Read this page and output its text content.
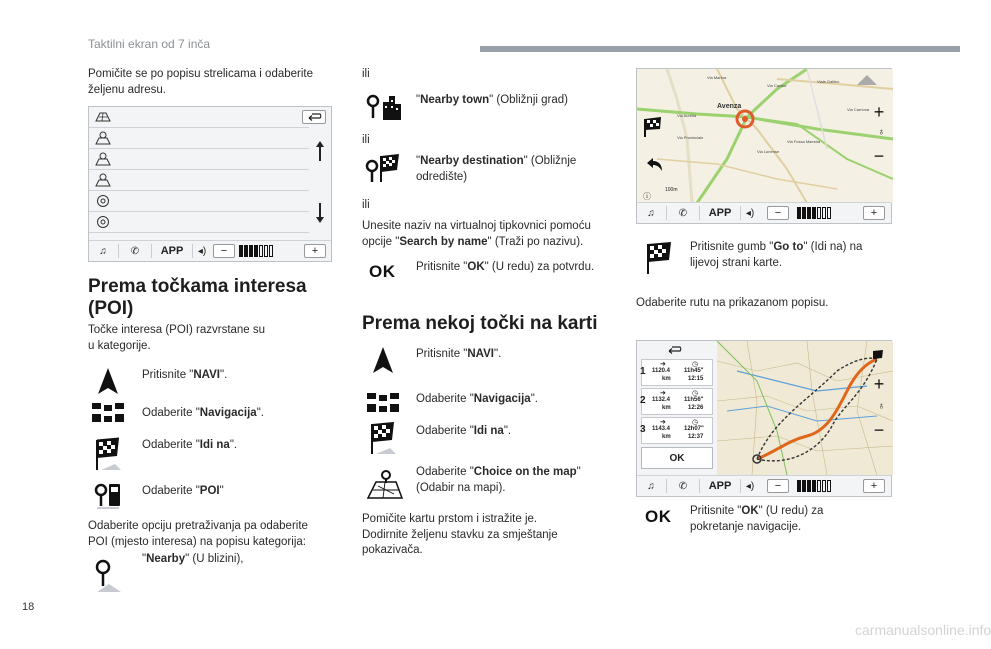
Taktilni ekran od 7 inča
Pomičite se po popisu strelicama i odaberite željenu adresu.
♫ ✆	APP	◂)	−	+
Prema točkama interesa
(POI)
Točke interesa (POI) razvrstane su
u kategorije.
Pritisnite "NAVI".
Odaberite "Navigacija".
Odaberite "Idi na".
Odaberite "POI"
Odaberite opciju pretraživanja pa odaberite
POI (mjesto interesa) na popisu kategorija:
"Nearby" (U blizini),
ili
"Nearby town" (Obližnji grad)
ili
"Nearby destination" (Obližnje
odredište)
ili
Unesite naziv na virtualnoj tipkovnici pomoću
opcije "Search by name" (Traži po nazivu).
OK Pritisnite "OK" (U redu) za potvrdu.
Prema nekoj točki na karti
Pritisnite "NAVI".
Odaberite "Navigacija".
Odaberite "Idi na".
Odaberite "Choice on the map"
(Odabir na mapi).
Pomičite kartu prstom i istražite je.
Dodirnite željenu stavku za smještanje
pokazivača.
Avenza
Via Marina
Via Cavour
Viale Galileo
Via Carriona
Via Aurelia
Via Fossa Maestra
Via Lunense
Via Provinciale
+
♁
−
ⓘ
100m
♫ ✆	APP	◂)	−	+
Pritisnite gumb "Go to" (Idi na) na
lijevoj strani karte.
Odaberite rutu na prikazanom popisu.
1
➜
1120.4
km
◷
11h45"
12:15
2
➜
1132.4
km
◷
11h56"
12:26
3
➜
1143.4
km
◷
12h07"
12:37
OK
+
♁
−
♫ ✆	APP	◂)	−	+
OK Pritisnite "OK" (U redu) za
pokretanje navigacije.
18
carmanualsonline.info
